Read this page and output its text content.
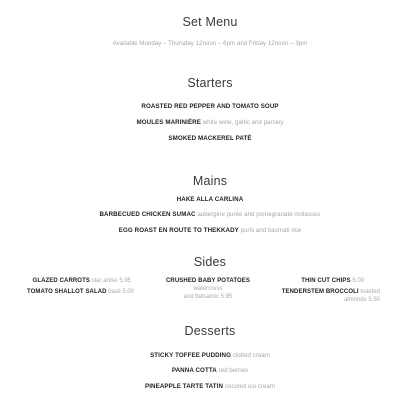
Set Menu
Available Monday – Thursday 12noon – 6pm and Friday 12noon – 3pm
Starters
ROASTED RED PEPPER AND TOMATO SOUP
MOULES MARINIÈRE white wine, garlic and parsley
SMOKED MACKEREL PATÉ
Mains
HAKE ALLA CARLINA
BARBECUED CHICKEN SUMAC aubergine purée and pomegranate molasses
EGG ROAST EN ROUTE TO THEKKADY puris and basmati rice
Sides
GLAZED CARROTS star anise 5.95
TOMATO SHALLOT SALAD basil 5.00
CRUSHED BABY POTATOES
watercress
and balsamic 5.95
THIN CUT CHIPS 5.00
TENDERSTEM BROCCOLI toasted
almonds 5.50
Desserts
STICKY TOFFEE PUDDING clotted cream
PANNA COTTA red berries
PINEAPPLE TARTE TATIN coconut ice cream
